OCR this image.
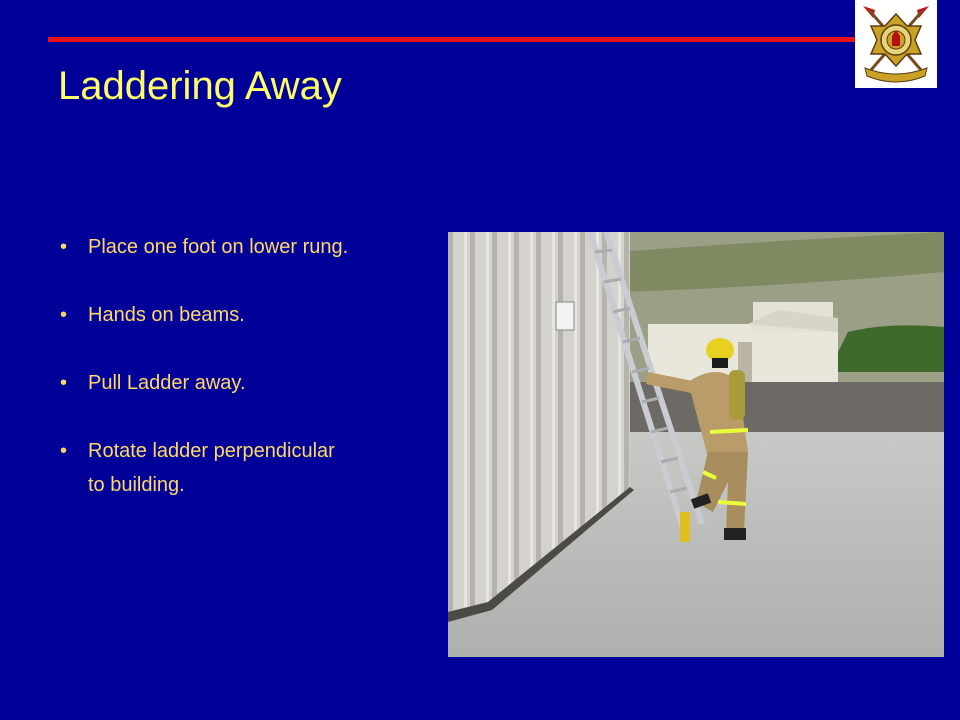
Laddering Away
• Place one foot on lower rung.
• Hands on beams.
• Pull Ladder away.
• Rotate ladder perpendicular
to building.
